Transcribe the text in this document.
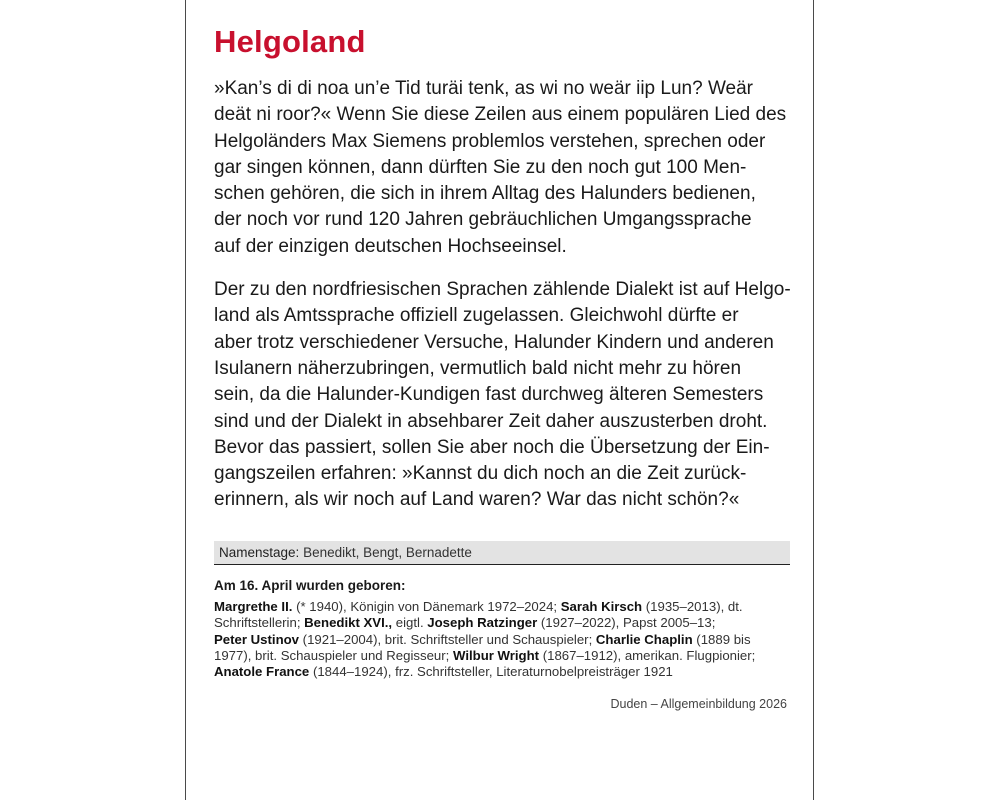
Helgoland
»Kan’s di di noa un’e Tid turäi tenk, as wi no weär iip Lun? Weär
deät ni roor?« Wenn Sie diese Zeilen aus einem populären Lied des
Helgoländers Max Siemens problemlos verstehen, sprechen oder
gar singen können, dann dürften Sie zu den noch gut 100 Men-
schen gehören, die sich in ihrem Alltag des Halunders bedienen,
der noch vor rund 120 Jahren gebräuchlichen Umgangssprache
auf der einzigen deutschen Hochseeinsel.
Der zu den nordfriesischen Sprachen zählende Dialekt ist auf Helgo-
land als Amtssprache offiziell zugelassen. Gleichwohl dürfte er
aber trotz verschiedener Versuche, Halunder Kindern und anderen
Isulanern näherzubringen, vermutlich bald nicht mehr zu hören
sein, da die Halunder-Kundigen fast durchweg älteren Semesters
sind und der Dialekt in absehbarer Zeit daher auszusterben droht.
Bevor das passiert, sollen Sie aber noch die Übersetzung der Ein-
gangszeilen erfahren: »Kannst du dich noch an die Zeit zurück-
erinnern, als wir noch auf Land waren? War das nicht schön?«
Namenstage: Benedikt, Bengt, Bernadette
Am 16. April wurden geboren:
Margrethe II. (* 1940), Königin von Dänemark 1972–2024; Sarah Kirsch (1935–2013), dt.
Schriftstellerin; Benedikt XVI., eigtl. Joseph Ratzinger (1927–2022), Papst 2005–13;
Peter Ustinov (1921–2004), brit. Schriftsteller und Schauspieler; Charlie Chaplin (1889 bis
1977), brit. Schauspieler und Regisseur; Wilbur Wright (1867–1912), amerikan. Flugpionier;
Anatole France (1844–1924), frz. Schriftsteller, Literaturnobelpreisträger 1921
Duden – Allgemeinbildung 2026
